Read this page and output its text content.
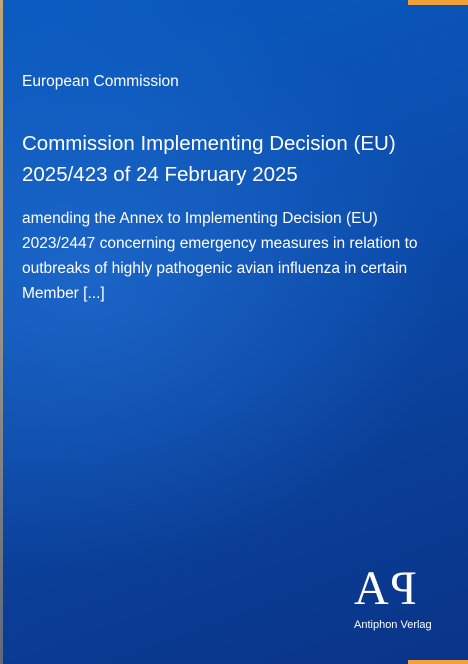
European Commission
Commission Implementing Decision (EU)
2025/423 of 24 February 2025
amending the Annex to Implementing Decision (EU) 2023/2447 concerning emergency measures in relation to outbreaks of highly pathogenic avian influenza in certain Member [...]
A P
Antiphon Verlag
